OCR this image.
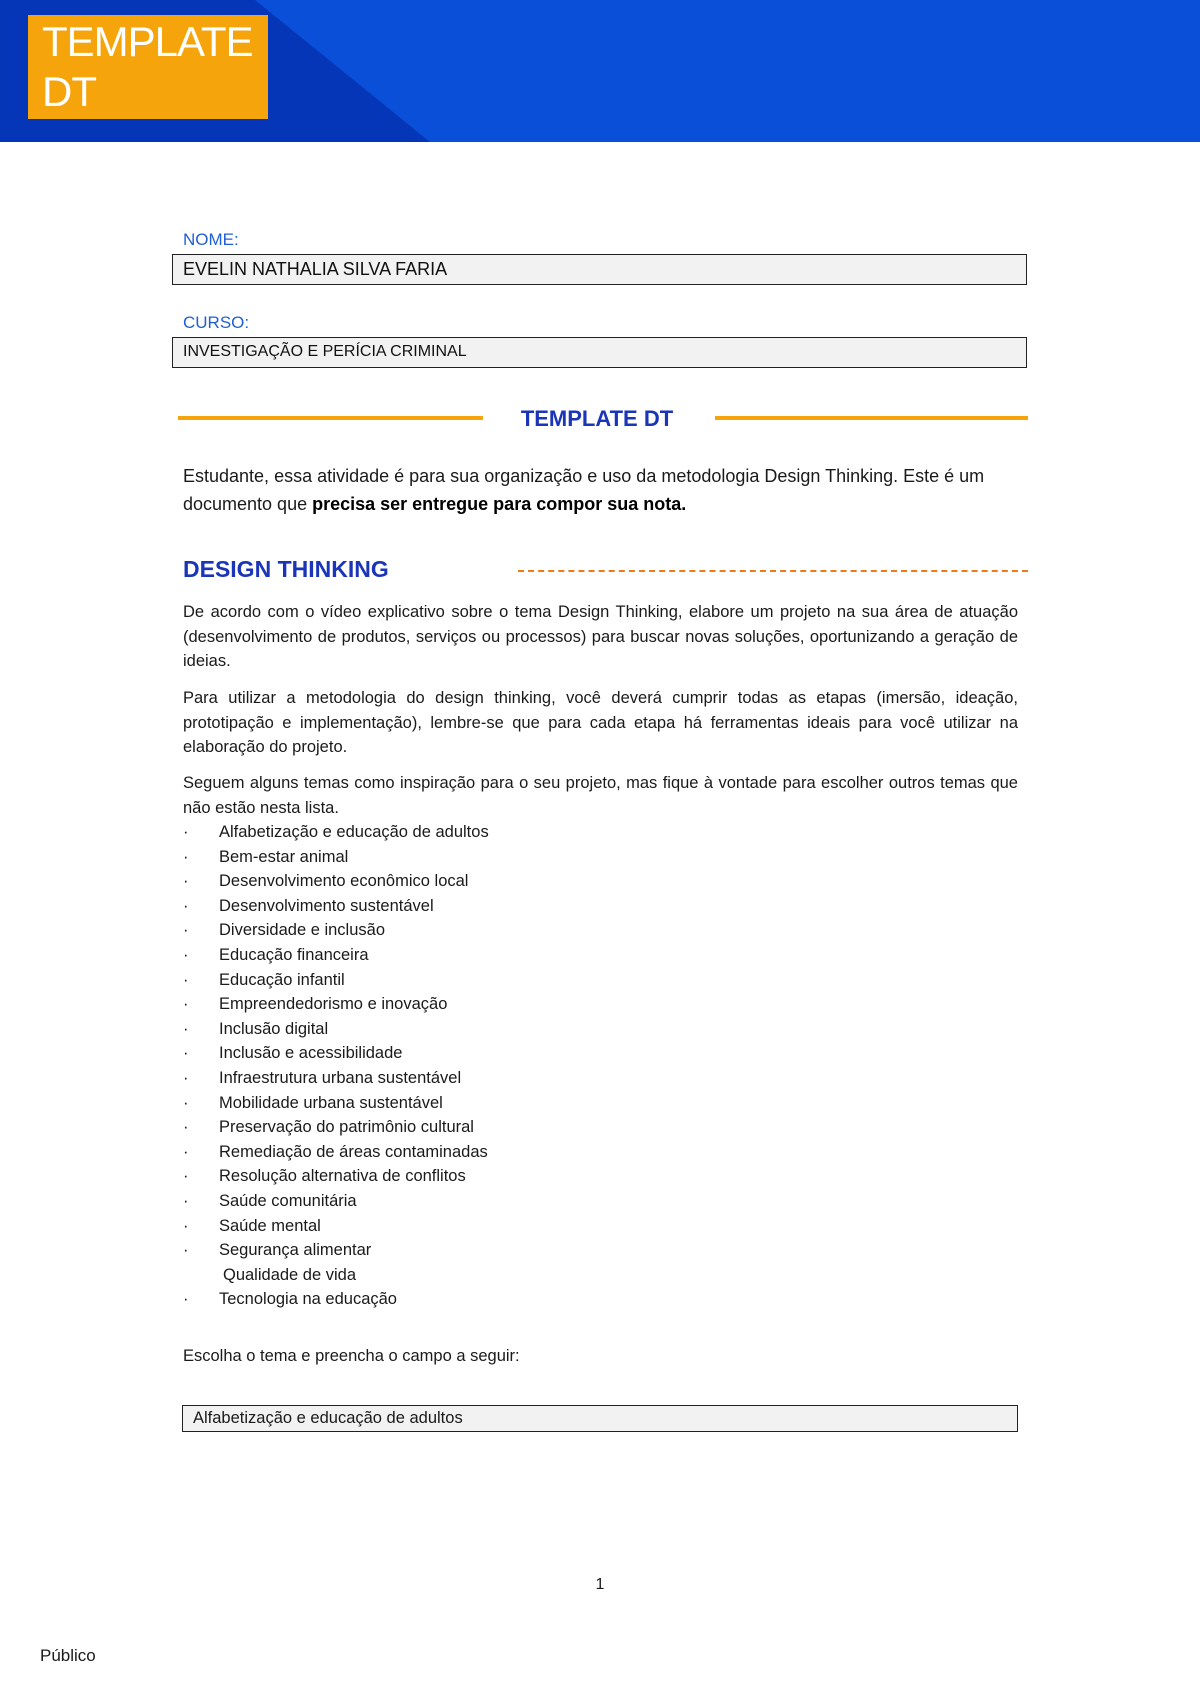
TEMPLATE DT
NOME:
EVELIN NATHALIA SILVA FARIA
CURSO:
INVESTIGAÇÃO E PERÍCIA CRIMINAL
TEMPLATE DT
Estudante, essa atividade é para sua organização e uso da metodologia Design Thinking. Este é um documento que precisa ser entregue para compor sua nota.
DESIGN THINKING
De acordo com o vídeo explicativo sobre o tema Design Thinking, elabore um projeto na sua área de atuação (desenvolvimento de produtos, serviços ou processos) para buscar novas soluções, oportunizando a geração de ideias.
Para utilizar a metodologia do design thinking, você deverá cumprir todas as etapas (imersão, ideação, prototipação e implementação), lembre-se que para cada etapa há ferramentas ideais para você utilizar na elaboração do projeto.
Seguem alguns temas como inspiração para o seu projeto, mas fique à vontade para escolher outros temas que não estão nesta lista.
· Alfabetização e educação de adultos
· Bem-estar animal
· Desenvolvimento econômico local
· Desenvolvimento sustentável
· Diversidade e inclusão
· Educação financeira
· Educação infantil
· Empreendedorismo e inovação
· Inclusão digital
· Inclusão e acessibilidade
· Infraestrutura urbana sustentável
· Mobilidade urbana sustentável
· Preservação do patrimônio cultural
· Remediação de áreas contaminadas
· Resolução alternativa de conflitos
· Saúde comunitária
· Saúde mental
· Segurança alimentar
Qualidade de vida
· Tecnologia na educação
Escolha o tema e preencha o campo a seguir:
Alfabetização e educação de adultos
1
Público
